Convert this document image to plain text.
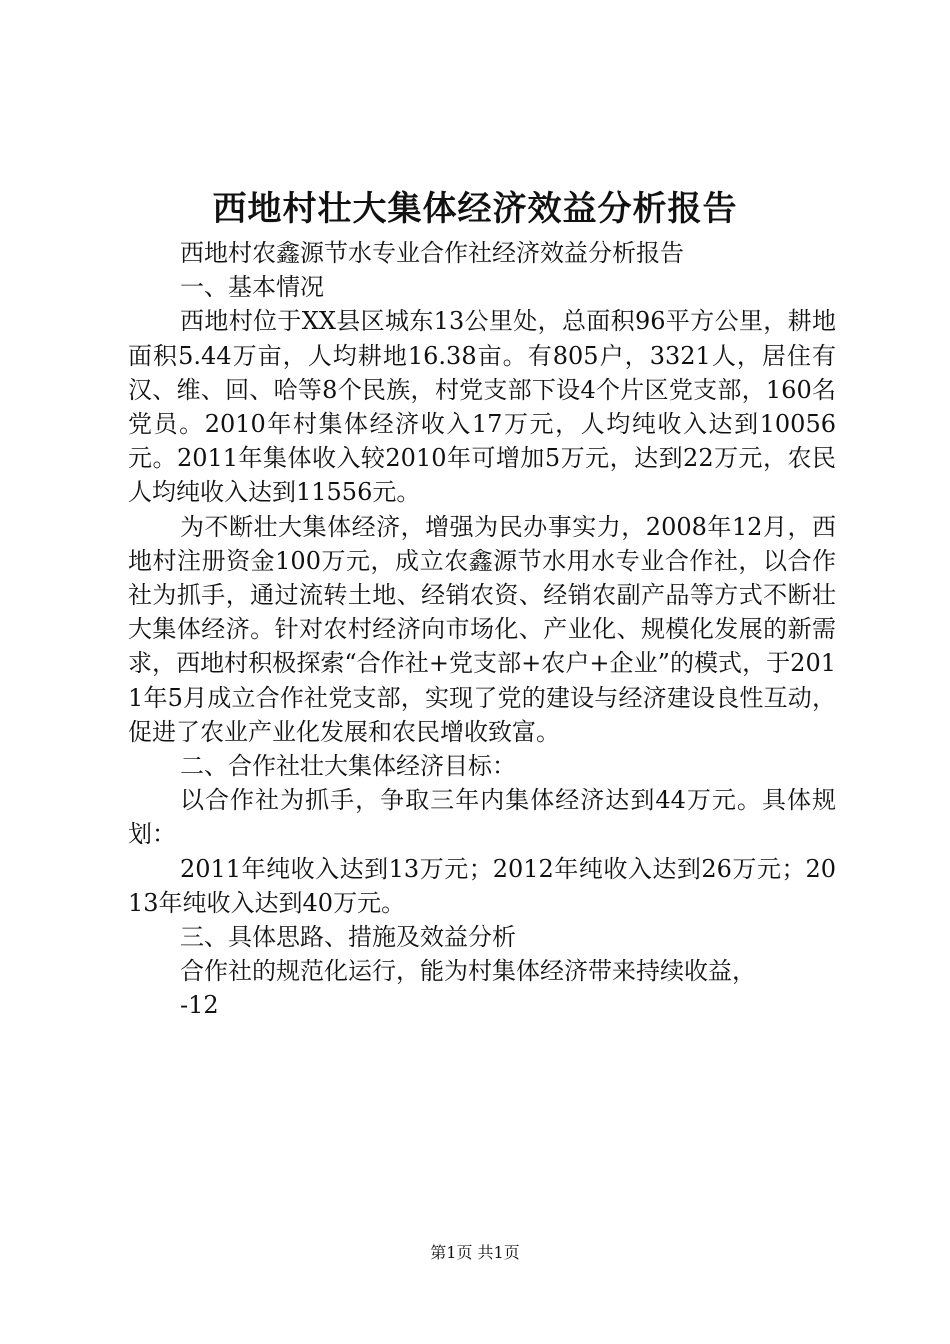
西地村壮大集体经济效益分析报告

西地村农鑫源节水专业合作社经济效益分析报告

一、基本情况

西地村位于XX县区城东13公里处，总面积96平方公里，耕地面积5.44万亩，人均耕地16.38亩。有805户，3321人，居住有汉、维、回、哈等8个民族，村党支部下设4个片区党支部，160名党员。2010年村集体经济收入17万元，人均纯收入达到10056元。2011年集体收入较2010年可增加5万元，达到22万元，农民人均纯收入达到11556元。

为不断壮大集体经济，增强为民办事实力，2008年12月，西地村注册资金100万元，成立农鑫源节水用水专业合作社，以合作社为抓手，通过流转土地、经销农资、经销农副产品等方式不断壮大集体经济。针对农村经济向市场化、产业化、规模化发展的新需求，西地村积极探索“合作社+党支部+农户+企业”的模式，于2011年5月成立合作社党支部，实现了党的建设与经济建设良性互动，促进了农业产业化发展和农民增收致富。

二、合作社壮大集体经济目标：

以合作社为抓手，争取三年内集体经济达到44万元。具体规划：

2011年纯收入达到13万元；2012年纯收入达到26万元；2013年纯收入达到40万元。

三、具体思路、措施及效益分析

合作社的规范化运行，能为村集体经济带来持续收益，

-12

第1页 共1页
